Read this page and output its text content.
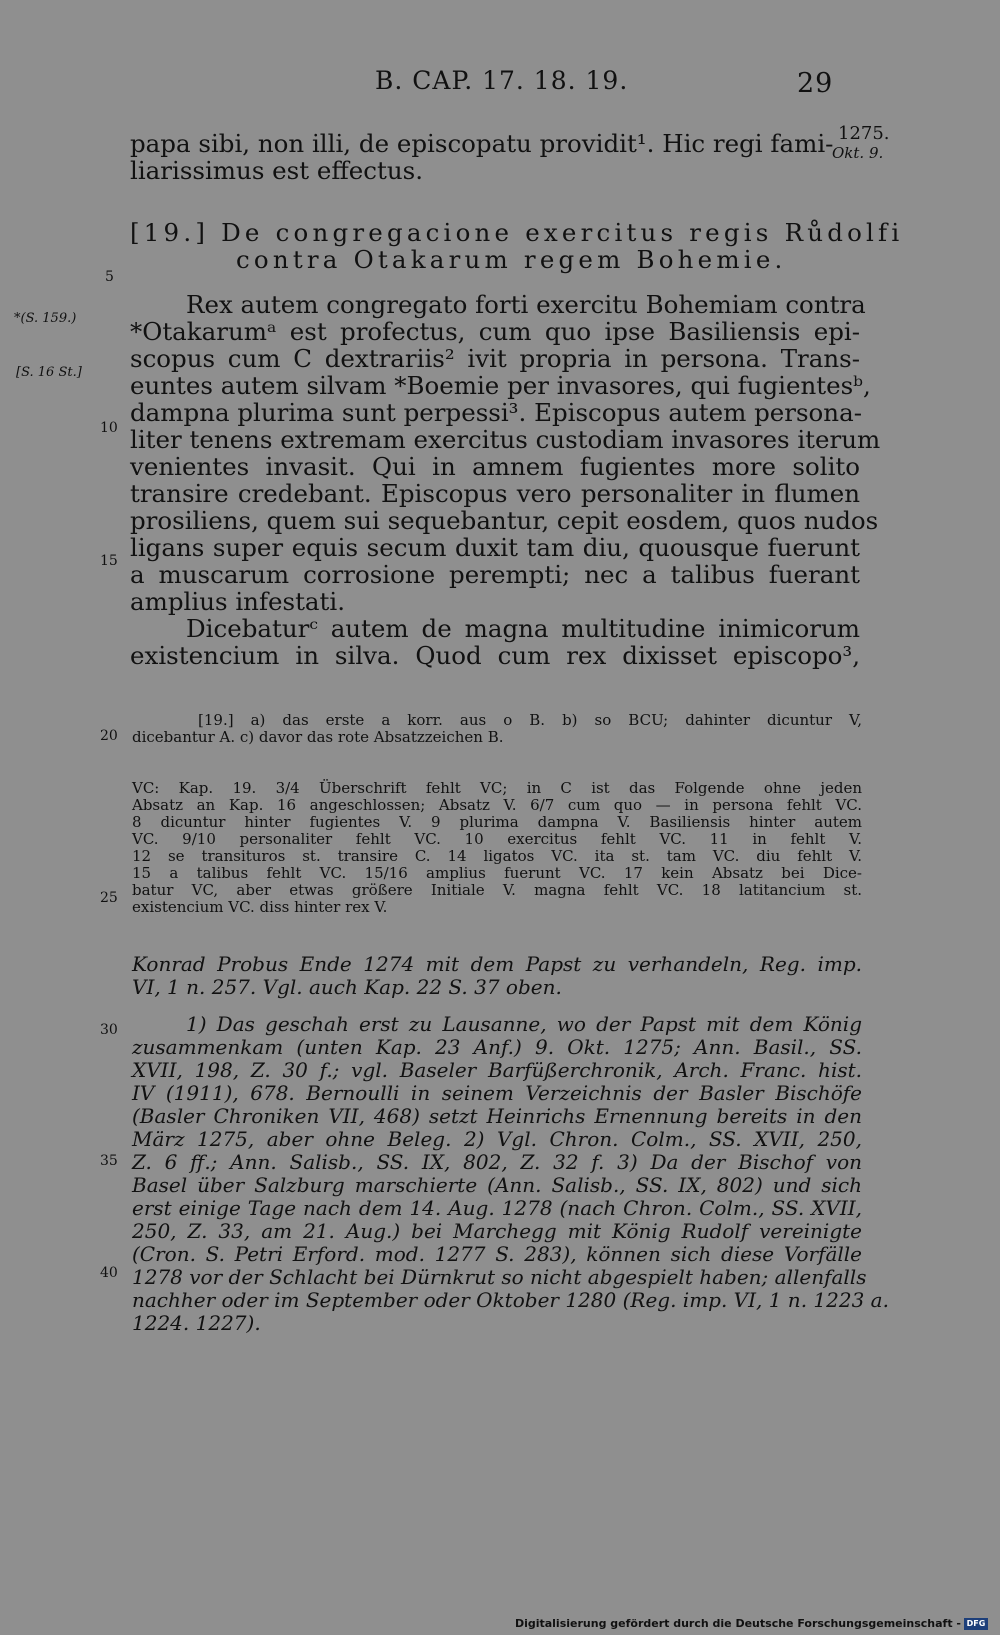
B. CAP. 17. 18. 19.	29
1275.
Okt. 9.
*(S. 159.)
[S. 16 St.]
5
10
15
20
25
30
35
40
papa sibi, non illi, de episcopatu providit¹. Hic regi fami-
liarissimus est effectus.
[19.] De congregacione exercitus regis Růdolfi
contra Otakarum regem Bohemie.
Rex autem congregato forti exercitu Bohemiam contra
*Otakarumᵃ est profectus, cum quo ipse Basiliensis epi-
scopus cum C dextrariis² ivit propria in persona. Trans-
euntes autem silvam *Boemie per invasores, qui fugientesᵇ,
dampna plurima sunt perpessi³. Episcopus autem persona-
liter tenens extremam exercitus custodiam invasores iterum
venientes invasit. Qui in amnem fugientes more solito
transire credebant. Episcopus vero personaliter in flumen
prosiliens, quem sui sequebantur, cepit eosdem, quos nudos
ligans super equis secum duxit tam diu, quousque fuerunt
a muscarum corrosione perempti; nec a talibus fuerant
amplius infestati.
Dicebaturᶜ autem de magna multitudine inimicorum
existencium in silva. Quod cum rex dixisset episcopo³,
[19.] a) das erste a korr. aus o B. b) so BCU; dahinter dicuntur V,
dicebantur A. c) davor das rote Absatzzeichen B.
VC: Kap. 19. 3/4 Überschrift fehlt VC; in C ist das Folgende ohne jeden
Absatz an Kap. 16 angeschlossen; Absatz V. 6/7 cum quo — in persona fehlt VC.
8 dicuntur hinter fugientes V. 9 plurima dampna V. Basiliensis hinter autem
VC. 9/10 personaliter fehlt VC. 10 exercitus fehlt VC. 11 in fehlt V.
12 se transituros st. transire C. 14 ligatos VC. ita st. tam VC. diu fehlt V.
15 a talibus fehlt VC. 15/16 amplius fuerunt VC. 17 kein Absatz bei Dice-
batur VC, aber etwas größere Initiale V. magna fehlt VC. 18 latitancium st.
existencium VC. diss hinter rex V.
Konrad Probus Ende 1274 mit dem Papst zu verhandeln, Reg. imp.
VI, 1 n. 257. Vgl. auch Kap. 22 S. 37 oben.
1) Das geschah erst zu Lausanne, wo der Papst mit dem König
zusammenkam (unten Kap. 23 Anf.) 9. Okt. 1275; Ann. Basil., SS.
XVII, 198, Z. 30 f.; vgl. Baseler Barfüßerchronik, Arch. Franc. hist.
IV (1911), 678. Bernoulli in seinem Verzeichnis der Basler Bischöfe
(Basler Chroniken VII, 468) setzt Heinrichs Ernennung bereits in den
März 1275, aber ohne Beleg. 2) Vgl. Chron. Colm., SS. XVII, 250,
Z. 6 ff.; Ann. Salisb., SS. IX, 802, Z. 32 f. 3) Da der Bischof von
Basel über Salzburg marschierte (Ann. Salisb., SS. IX, 802) und sich
erst einige Tage nach dem 14. Aug. 1278 (nach Chron. Colm., SS. XVII,
250, Z. 33, am 21. Aug.) bei Marchegg mit König Rudolf vereinigte
(Cron. S. Petri Erford. mod. 1277 S. 283), können sich diese Vorfälle
1278 vor der Schlacht bei Dürnkrut so nicht abgespielt haben; allenfalls
nachher oder im September oder Oktober 1280 (Reg. imp. VI, 1 n. 1223 a.
1224. 1227).
Digitalisierung gefördert durch die Deutsche Forschungsgemeinschaft - DFG
